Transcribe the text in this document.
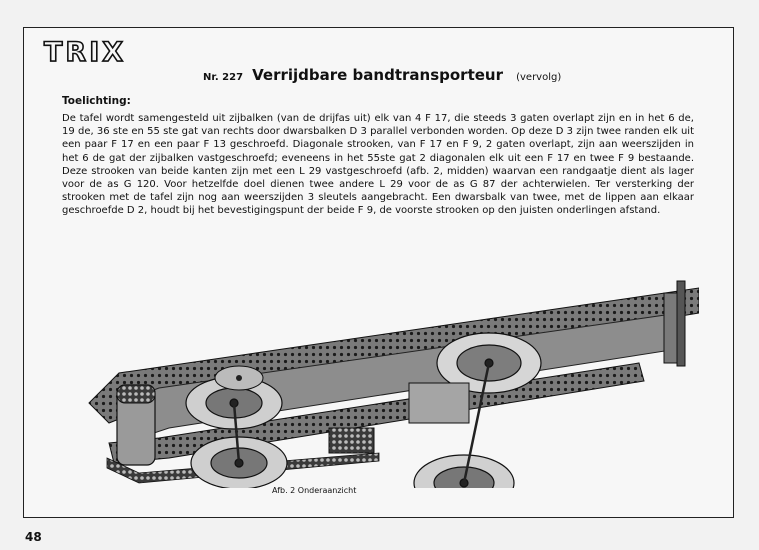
TRIX
Nr. 227 Verrijdbare bandtransporteur (vervolg)
Toelichting:
De tafel wordt samengesteld uit zijbalken (van de drijfas uit) elk van 4 F 17, die steeds 3 gaten overlapt zijn en in het 6 de, 19 de, 36 ste en 55 ste gat van rechts door dwarsbalken D 3 parallel verbonden worden. Op deze D 3 zijn twee randen elk uit een paar F 17 en een paar F 13 geschroefd. Diagonale strooken, van F 17 en F 9, 2 gaten overlapt, zijn aan weerszijden in het 6 de gat der zijbalken vastgeschroefd; eveneens in het 55ste gat 2 diagonalen elk uit een F 17 en twee F 9 bestaande. Deze strooken van beide kanten zijn met een L 29 vastgeschroefd (afb. 2, midden) waarvan een randgaatje dient als lager voor de as G 120. Voor hetzelfde doel dienen twee andere L 29 voor de as G 87 der achterwielen. Ter versterking der strooken met de tafel zijn nog aan weerszijden 3 sleutels aangebracht. Een dwarsbalk van twee, met de lippen aan elkaar geschroefde D 2, houdt bij het bevestigingspunt der beide F 9, de voorste strooken op den juisten onderlingen afstand.
Afb. 2 Onderaanzicht
48
